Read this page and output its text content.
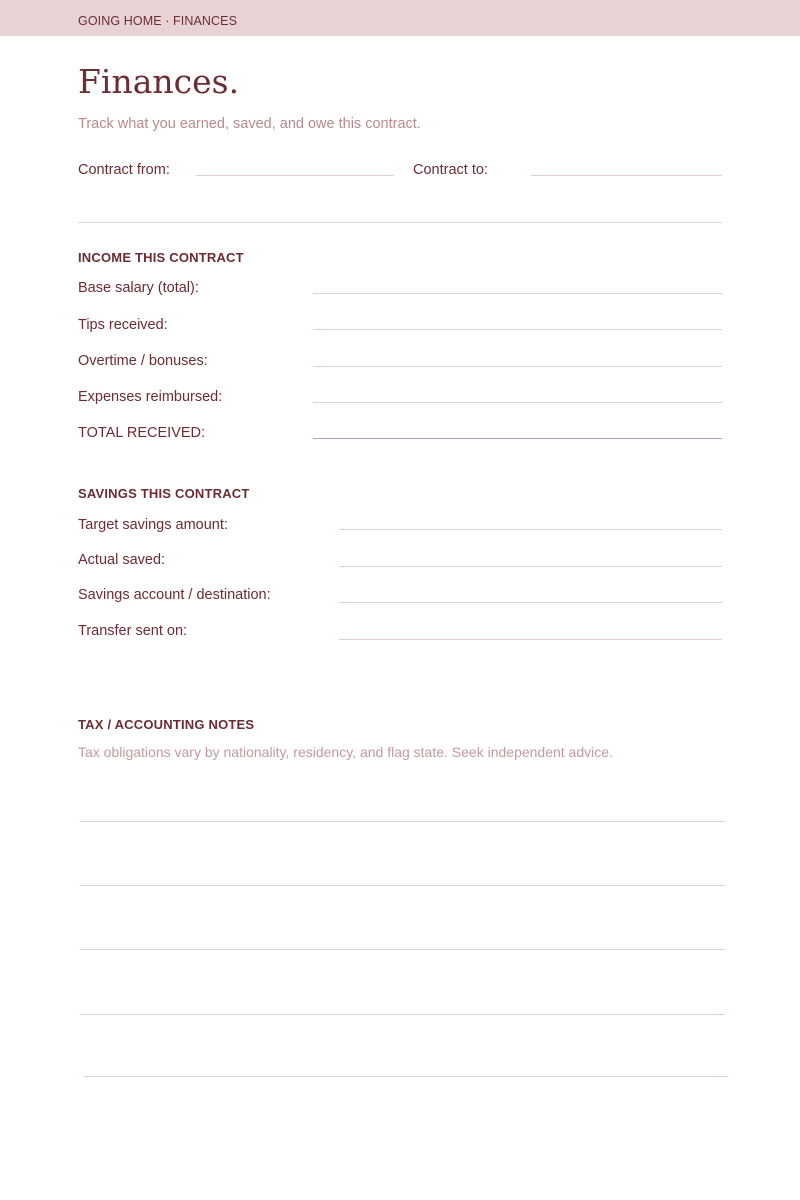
GOING HOME · FINANCES
Finances.
Track what you earned, saved, and owe this contract.
Contract from:	Contract to:
INCOME THIS CONTRACT
Base salary (total):
Tips received:
Overtime / bonuses:
Expenses reimbursed:
TOTAL RECEIVED:
SAVINGS THIS CONTRACT
Target savings amount:
Actual saved:
Savings account / destination:
Transfer sent on:
TAX / ACCOUNTING NOTES
Tax obligations vary by nationality, residency, and flag state. Seek independent advice.
